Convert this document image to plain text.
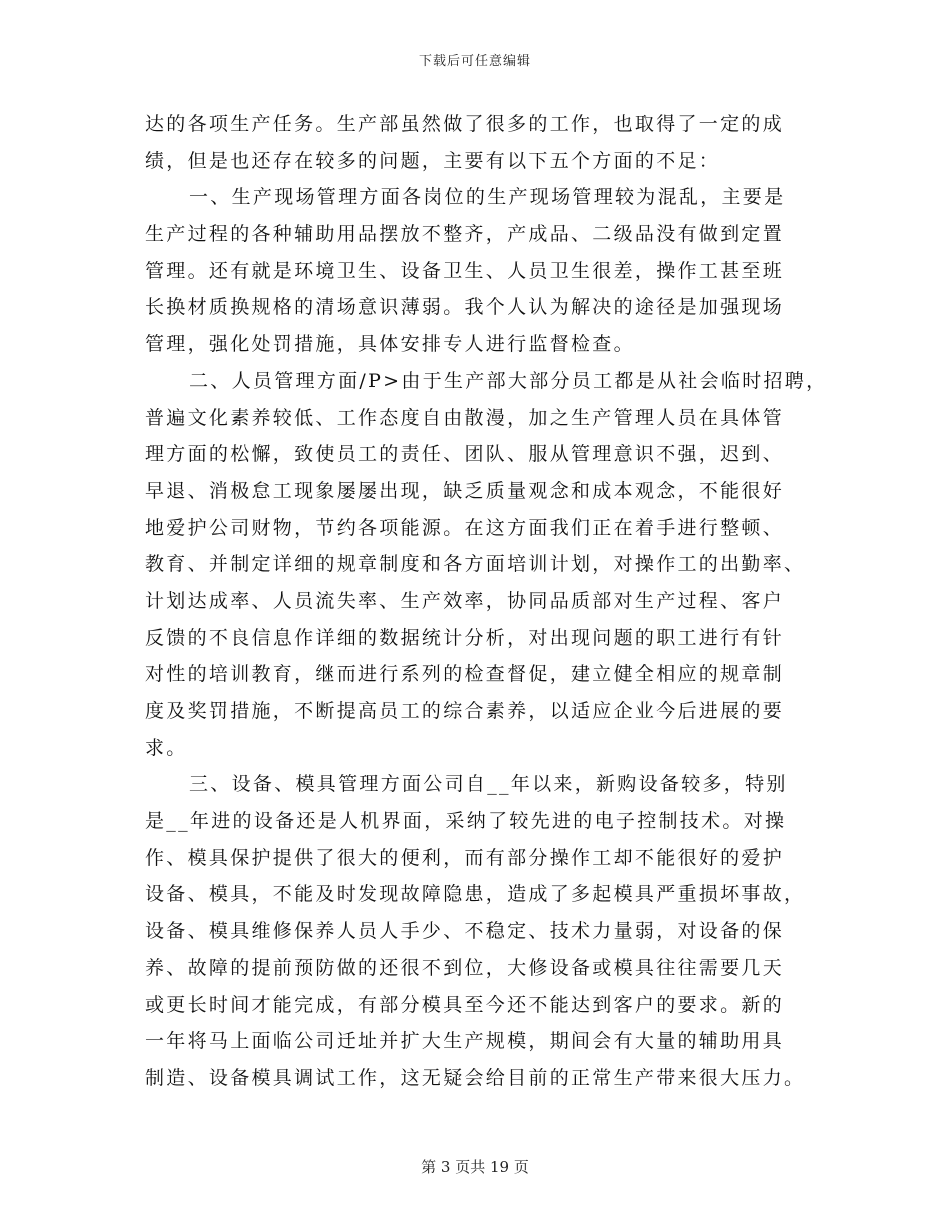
下载后可任意编辑
达的各项生产任务。生产部虽然做了很多的工作，也取得了一定的成
绩，但是也还存在较多的问题，主要有以下五个方面的不足：
一、生产现场管理方面各岗位的生产现场管理较为混乱，主要是
生产过程的各种辅助用品摆放不整齐，产成品、二级品没有做到定置
管理。还有就是环境卫生、设备卫生、人员卫生很差，操作工甚至班
长换材质换规格的清场意识薄弱。我个人认为解决的途径是加强现场
管理，强化处罚措施，具体安排专人进行监督检查。
二、人员管理方面/P>由于生产部大部分员工都是从社会临时招聘，
普遍文化素养较低、工作态度自由散漫，加之生产管理人员在具体管
理方面的松懈，致使员工的责任、团队、服从管理意识不强，迟到、
早退、消极怠工现象屡屡出现，缺乏质量观念和成本观念，不能很好
地爱护公司财物，节约各项能源。在这方面我们正在着手进行整顿、
教育、并制定详细的规章制度和各方面培训计划，对操作工的出勤率、
计划达成率、人员流失率、生产效率，协同品质部对生产过程、客户
反馈的不良信息作详细的数据统计分析，对出现问题的职工进行有针
对性的培训教育，继而进行系列的检查督促，建立健全相应的规章制
度及奖罚措施，不断提高员工的综合素养，以适应企业今后进展的要
求。
三、设备、模具管理方面公司自__年以来，新购设备较多，特别
是__年进的设备还是人机界面，采纳了较先进的电子控制技术。对操
作、模具保护提供了很大的便利，而有部分操作工却不能很好的爱护
设备、模具，不能及时发现故障隐患，造成了多起模具严重损坏事故，
设备、模具维修保养人员人手少、不稳定、技术力量弱，对设备的保
养、故障的提前预防做的还很不到位，大修设备或模具往往需要几天
或更长时间才能完成，有部分模具至今还不能达到客户的要求。新的
一年将马上面临公司迁址并扩大生产规模，期间会有大量的辅助用具
制造、设备模具调试工作，这无疑会给目前的正常生产带来很大压力。
第 3 页共 19 页
